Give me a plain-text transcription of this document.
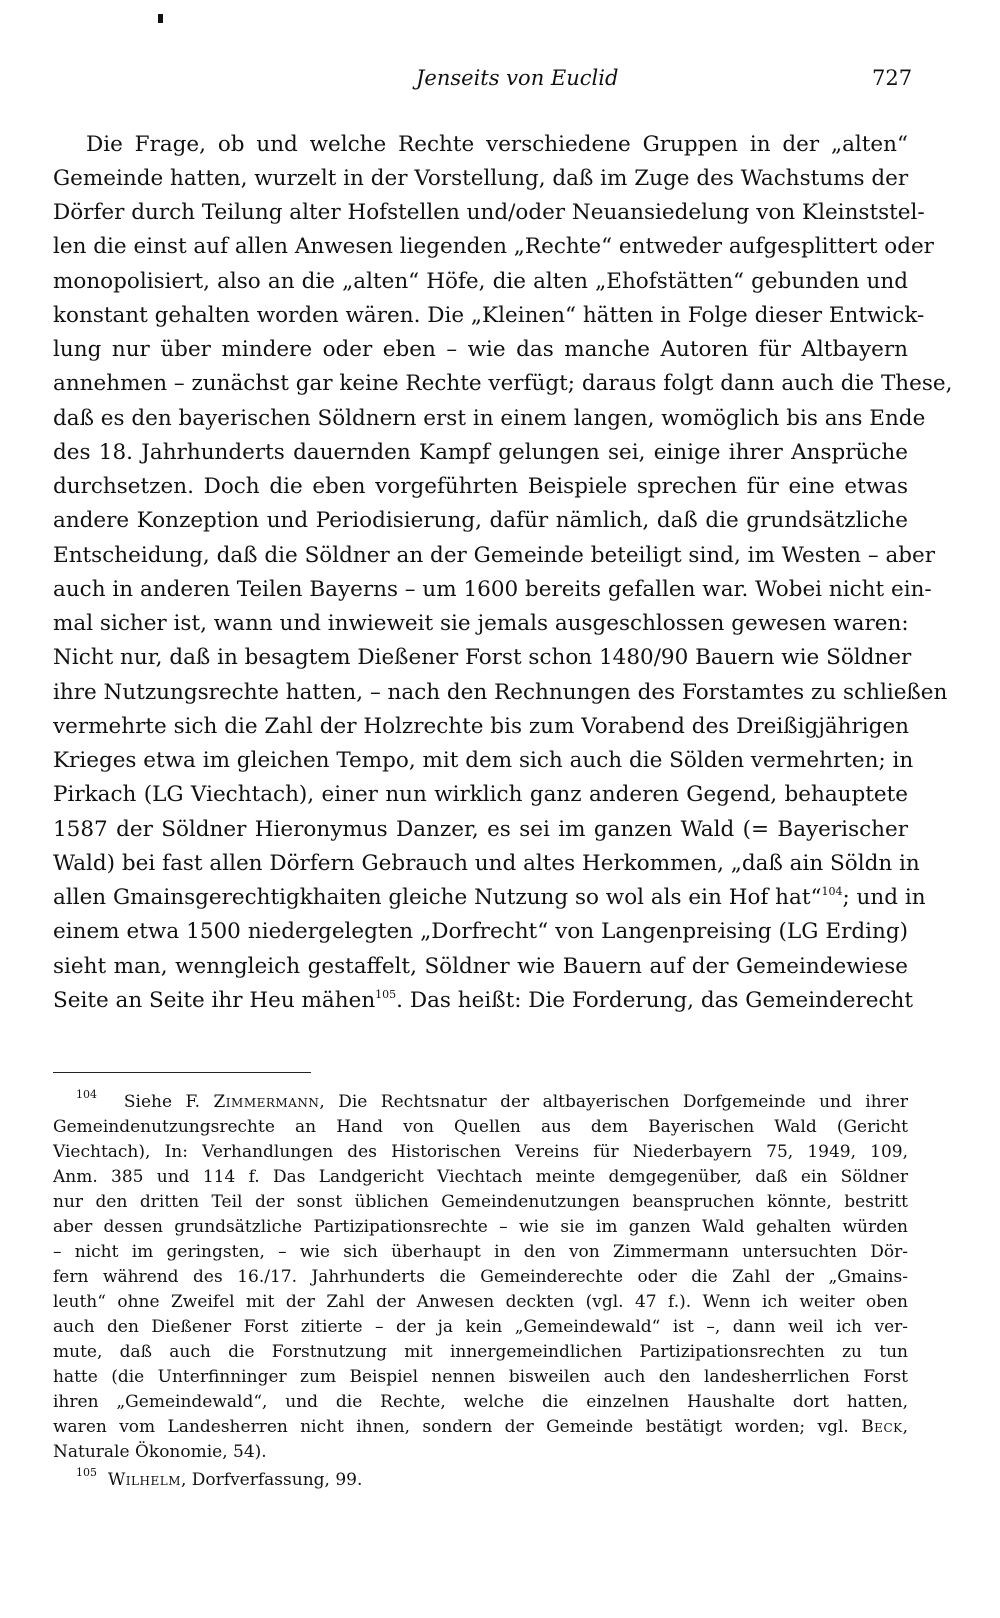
Jenseits von Euclid	727
Die Frage, ob und welche Rechte verschiedene Gruppen in der „alten“
Gemeinde hatten, wurzelt in der Vorstellung, daß im Zuge des Wachstums der
Dörfer durch Teilung alter Hofstellen und/oder Neuansiedelung von Kleinststel-
len die einst auf allen Anwesen liegenden „Rechte“ entweder aufgesplittert oder
monopolisiert, also an die „alten“ Höfe, die alten „Ehofstätten“ gebunden und
konstant gehalten worden wären. Die „Kleinen“ hätten in Folge dieser Entwick-
lung nur über mindere oder eben – wie das manche Autoren für Altbayern
annehmen – zunächst gar keine Rechte verfügt; daraus folgt dann auch die These,
daß es den bayerischen Söldnern erst in einem langen, womöglich bis ans Ende
des 18. Jahrhunderts dauernden Kampf gelungen sei, einige ihrer Ansprüche
durchsetzen. Doch die eben vorgeführten Beispiele sprechen für eine etwas
andere Konzeption und Periodisierung, dafür nämlich, daß die grundsätzliche
Entscheidung, daß die Söldner an der Gemeinde beteiligt sind, im Westen – aber
auch in anderen Teilen Bayerns – um 1600 bereits gefallen war. Wobei nicht ein-
mal sicher ist, wann und inwieweit sie jemals ausgeschlossen gewesen waren:
Nicht nur, daß in besagtem Dießener Forst schon 1480/90 Bauern wie Söldner
ihre Nutzungsrechte hatten, – nach den Rechnungen des Forstamtes zu schließen
vermehrte sich die Zahl der Holzrechte bis zum Vorabend des Dreißigjährigen
Krieges etwa im gleichen Tempo, mit dem sich auch die Sölden vermehrten; in
Pirkach (LG Viechtach), einer nun wirklich ganz anderen Gegend, behauptete
1587 der Söldner Hieronymus Danzer, es sei im ganzen Wald (= Bayerischer
Wald) bei fast allen Dörfern Gebrauch und altes Herkommen, „daß ain Söldn in
allen Gmainsgerechtigkhaiten gleiche Nutzung so wol als ein Hof hat“$^{104}$; und in
einem etwa 1500 niedergelegten „Dorfrecht“ von Langenpreising (LG Erding)
sieht man, wenngleich gestaffelt, Söldner wie Bauern auf der Gemeindewiese
Seite an Seite ihr Heu mähen$^{105}$. Das heißt: Die Forderung, das Gemeinderecht
$^{104}$ Siehe F. Zimmermann, Die Rechtsnatur der altbayerischen Dorfgemeinde und ihrer
Gemeindenutzungsrechte an Hand von Quellen aus dem Bayerischen Wald (Gericht
Viechtach), In: Verhandlungen des Historischen Vereins für Niederbayern 75, 1949, 109,
Anm. 385 und 114 f. Das Landgericht Viechtach meinte demgegenüber, daß ein Söldner
nur den dritten Teil der sonst üblichen Gemeindenutzungen beanspruchen könnte, bestritt
aber dessen grundsätzliche Partizipationsrechte – wie sie im ganzen Wald gehalten würden
– nicht im geringsten, – wie sich überhaupt in den von Zimmermann untersuchten Dör-
fern während des 16./17. Jahrhunderts die Gemeinderechte oder die Zahl der „Gmains-
leuth“ ohne Zweifel mit der Zahl der Anwesen deckten (vgl. 47 f.). Wenn ich weiter oben
auch den Dießener Forst zitierte – der ja kein „Gemeindewald“ ist –, dann weil ich ver-
mute, daß auch die Forstnutzung mit innergemeindlichen Partizipationsrechten zu tun
hatte (die Unterfinninger zum Beispiel nennen bisweilen auch den landesherrlichen Forst
ihren „Gemeindewald“, und die Rechte, welche die einzelnen Haushalte dort hatten,
waren vom Landesherren nicht ihnen, sondern der Gemeinde bestätigt worden; vgl. Beck,
Naturale Ökonomie, 54).
$^{105}$ Wilhelm, Dorfverfassung, 99.
